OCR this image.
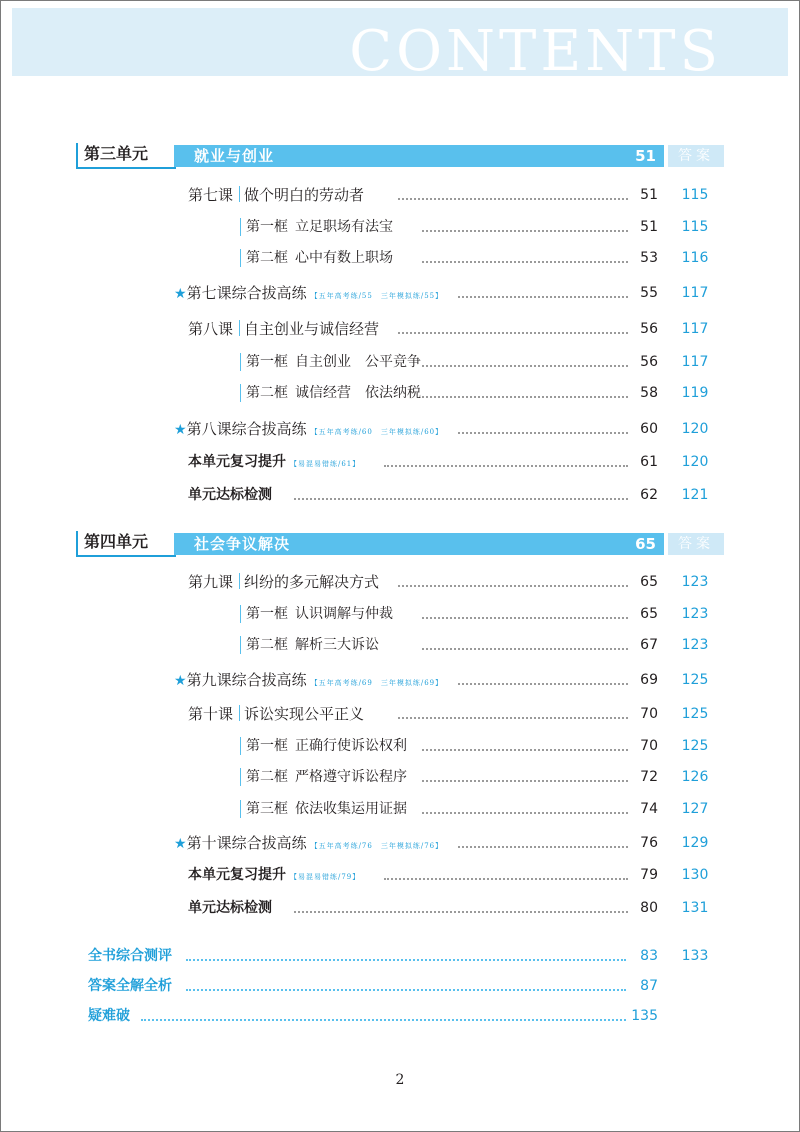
CONTENTS
第三单元	就业与创业	51	答案
第七课 做个明白的劳动者	51	115
第一框  立足职场有法宝	51	115
第二框  心中有数上职场	53	116
★第七课综合拔高练 【五年高考练/55　三年模拟练/55】	55	117
第八课 自主创业与诚信经营	56	117
第一框  自主创业　公平竞争	56	117
第二框  诚信经营　依法纳税	58	119
★第八课综合拔高练 【五年高考练/60　三年模拟练/60】	60	120
本单元复习提升 【易混易错练/61】	61	120
单元达标检测	62	121
第四单元	社会争议解决	65	答案
第九课 纠纷的多元解决方式	65	123
第一框  认识调解与仲裁	65	123
第二框  解析三大诉讼	67	123
★第九课综合拔高练 【五年高考练/69　三年模拟练/69】	69	125
第十课 诉讼实现公平正义	70	125
第一框  正确行使诉讼权利	70	125
第二框  严格遵守诉讼程序	72	126
第三框  依法收集运用证据	74	127
★第十课综合拔高练 【五年高考练/76　三年模拟练/76】	76	129
本单元复习提升 【易混易错练/79】	79	130
单元达标检测	80	131
全书综合测评	83	133
答案全解全析	87
疑难破	135
2
